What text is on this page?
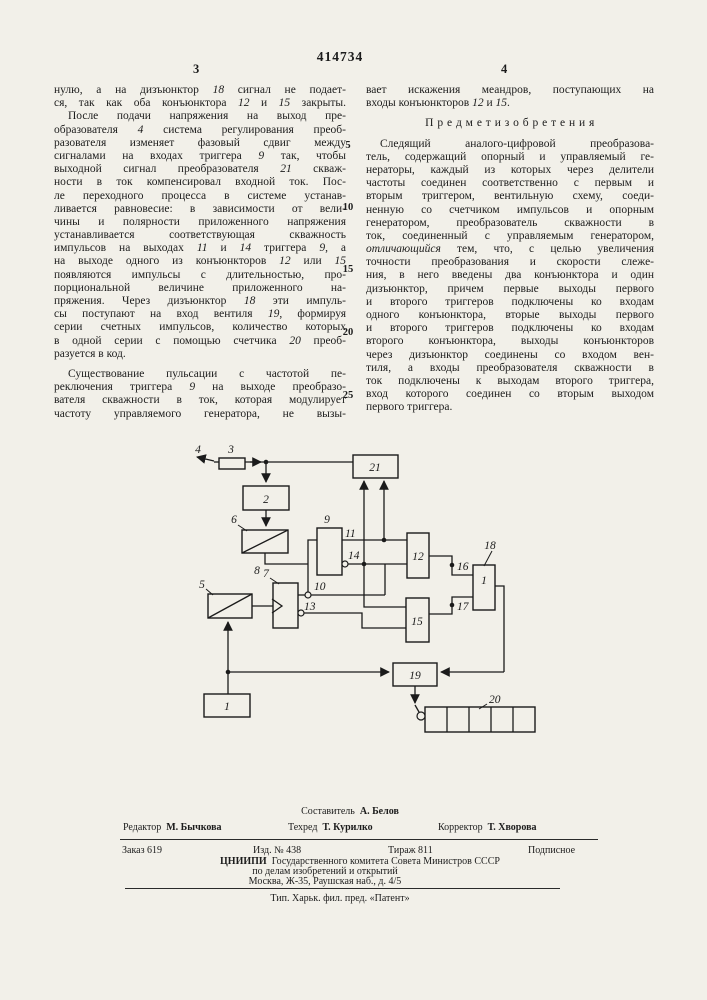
414734
3	4
нулю, а на дизъюнктор 18 сигнал не подает-
ся, так как оба конъюнктора 12 и 15 закрыты.
После подачи напряжения на выход пре-
образователя 4 система регулирования преоб-
разователя изменяет фазовый сдвиг между
сигналами на входах триггера 9 так, чтобы
выходной сигнал преобразователя 21 скваж-
ности в ток компенсировал входной ток. Пос-
ле переходного процесса в системе устанав-
ливается равновесие: в зависимости от вели-
чины и полярности приложенного напряжения
устанавливается соответствующая скважность
импульсов на выходах 11 и 14 триггера 9, а
на выходе одного из конъюнкторов 12 или 15
появляются импульсы с длительностью, про-
порциональной величине приложенного на-
пряжения. Через дизъюнктор 18 эти импуль-
сы поступают на вход вентиля 19, формируя
серии счетных импульсов, количество которых
в одной серии с помощью счетчика 20 преоб-
разуется в код.
Существование пульсации с частотой пе-
реключения триггера 9 на выходе преобразо-
вателя скважности в ток, которая модулирует
частоту управляемого генератора, не вызы-
вает искажения меандров, поступающих на
входы конъюнкторов 12 и 15.
П р е д м е т и з о б р е т е н и я
Следящий аналого-цифровой преобразова-
тель, содержащий опорный и управляемый ге-
нераторы, каждый из которых через делители
частоты соединен соответственно с первым и
вторым триггером, вентильную схему, соеди-
ненную со счетчиком импульсов и опорным
генератором, преобразователь скважности в
ток, соединенный с управляемым генератором,
отличающийся тем, что, с целью увеличения
точности преобразования и скорости слеже-
ния, в него введены два конъюнктора и один
дизъюнктор, причем первые выходы первого
и второго триггеров подключены ко входам
одного конъюнктора, вторые выходы первого
и второго триггеров подключены ко входам
второго конъюнктора, выходы конъюнкторов
через дизъюнктор соединены со входом вен-
тиля, а входы преобразователя скважности в
ток подключены к выходам второго триггера,
вход которого соединен со вторым выходом
первого триггера.
5
10
15
20
25
4 3
2
6
8
5
7
9
11
14
10
13
21
12
15
16
17
18
1
19
1
20
Составитель А. Белов
Редактор М. Бычкова	Техред Т. Курилко	Корректор Т. Хворова
Заказ 619	Изд. № 438	Тираж 811	Подписное
ЦНИИПИ Государственного комитета Совета Министров СССР
по делам изобретений и открытий
Москва, Ж-35, Раушская наб., д. 4/5
Тип. Харьк. фил. пред. «Патент»
